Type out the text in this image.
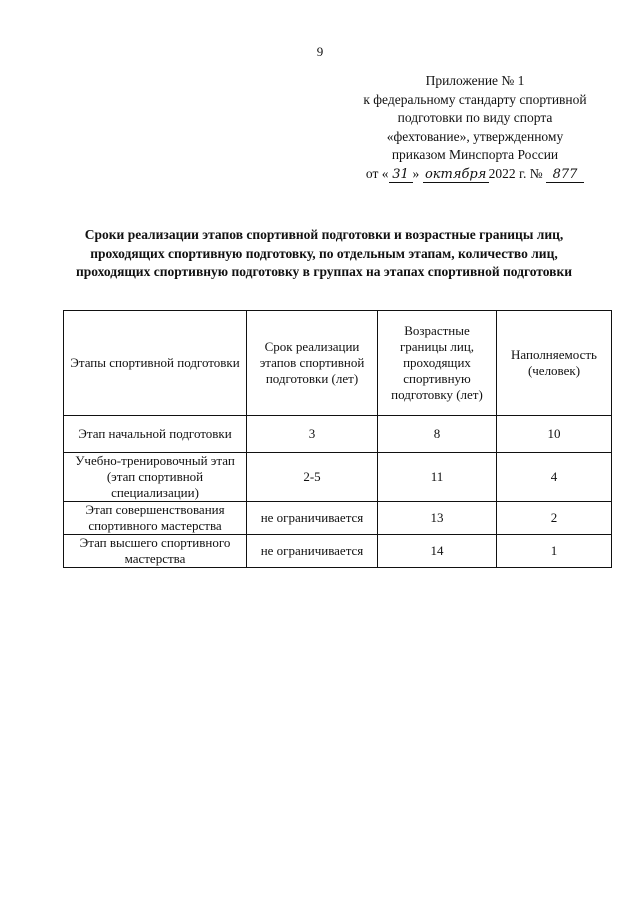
9
Приложение № 1
к федеральному стандарту спортивной
подготовки по виду спорта
«фехтование», утвержденному
приказом Минспорта России
от « 31 » октября 2022 г. № 877
Сроки реализации этапов спортивной подготовки и возрастные границы лиц, проходящих спортивную подготовку, по отдельным этапам, количество лиц, проходящих спортивную подготовку в группах на этапах спортивной подготовки
Этапы спортивной подготовки	Срок реализации этапов спортивной подготовки (лет)	Возрастные границы лиц, проходящих спортивную подготовку (лет)	Наполняемость (человек)
Этап начальной подготовки	3	8	10
Учебно-тренировочный этап (этап спортивной специализации)	2-5	11	4
Этап совершенствования спортивного мастерства	не ограничивается	13	2
Этап высшего спортивного мастерства	не ограничивается	14	1
